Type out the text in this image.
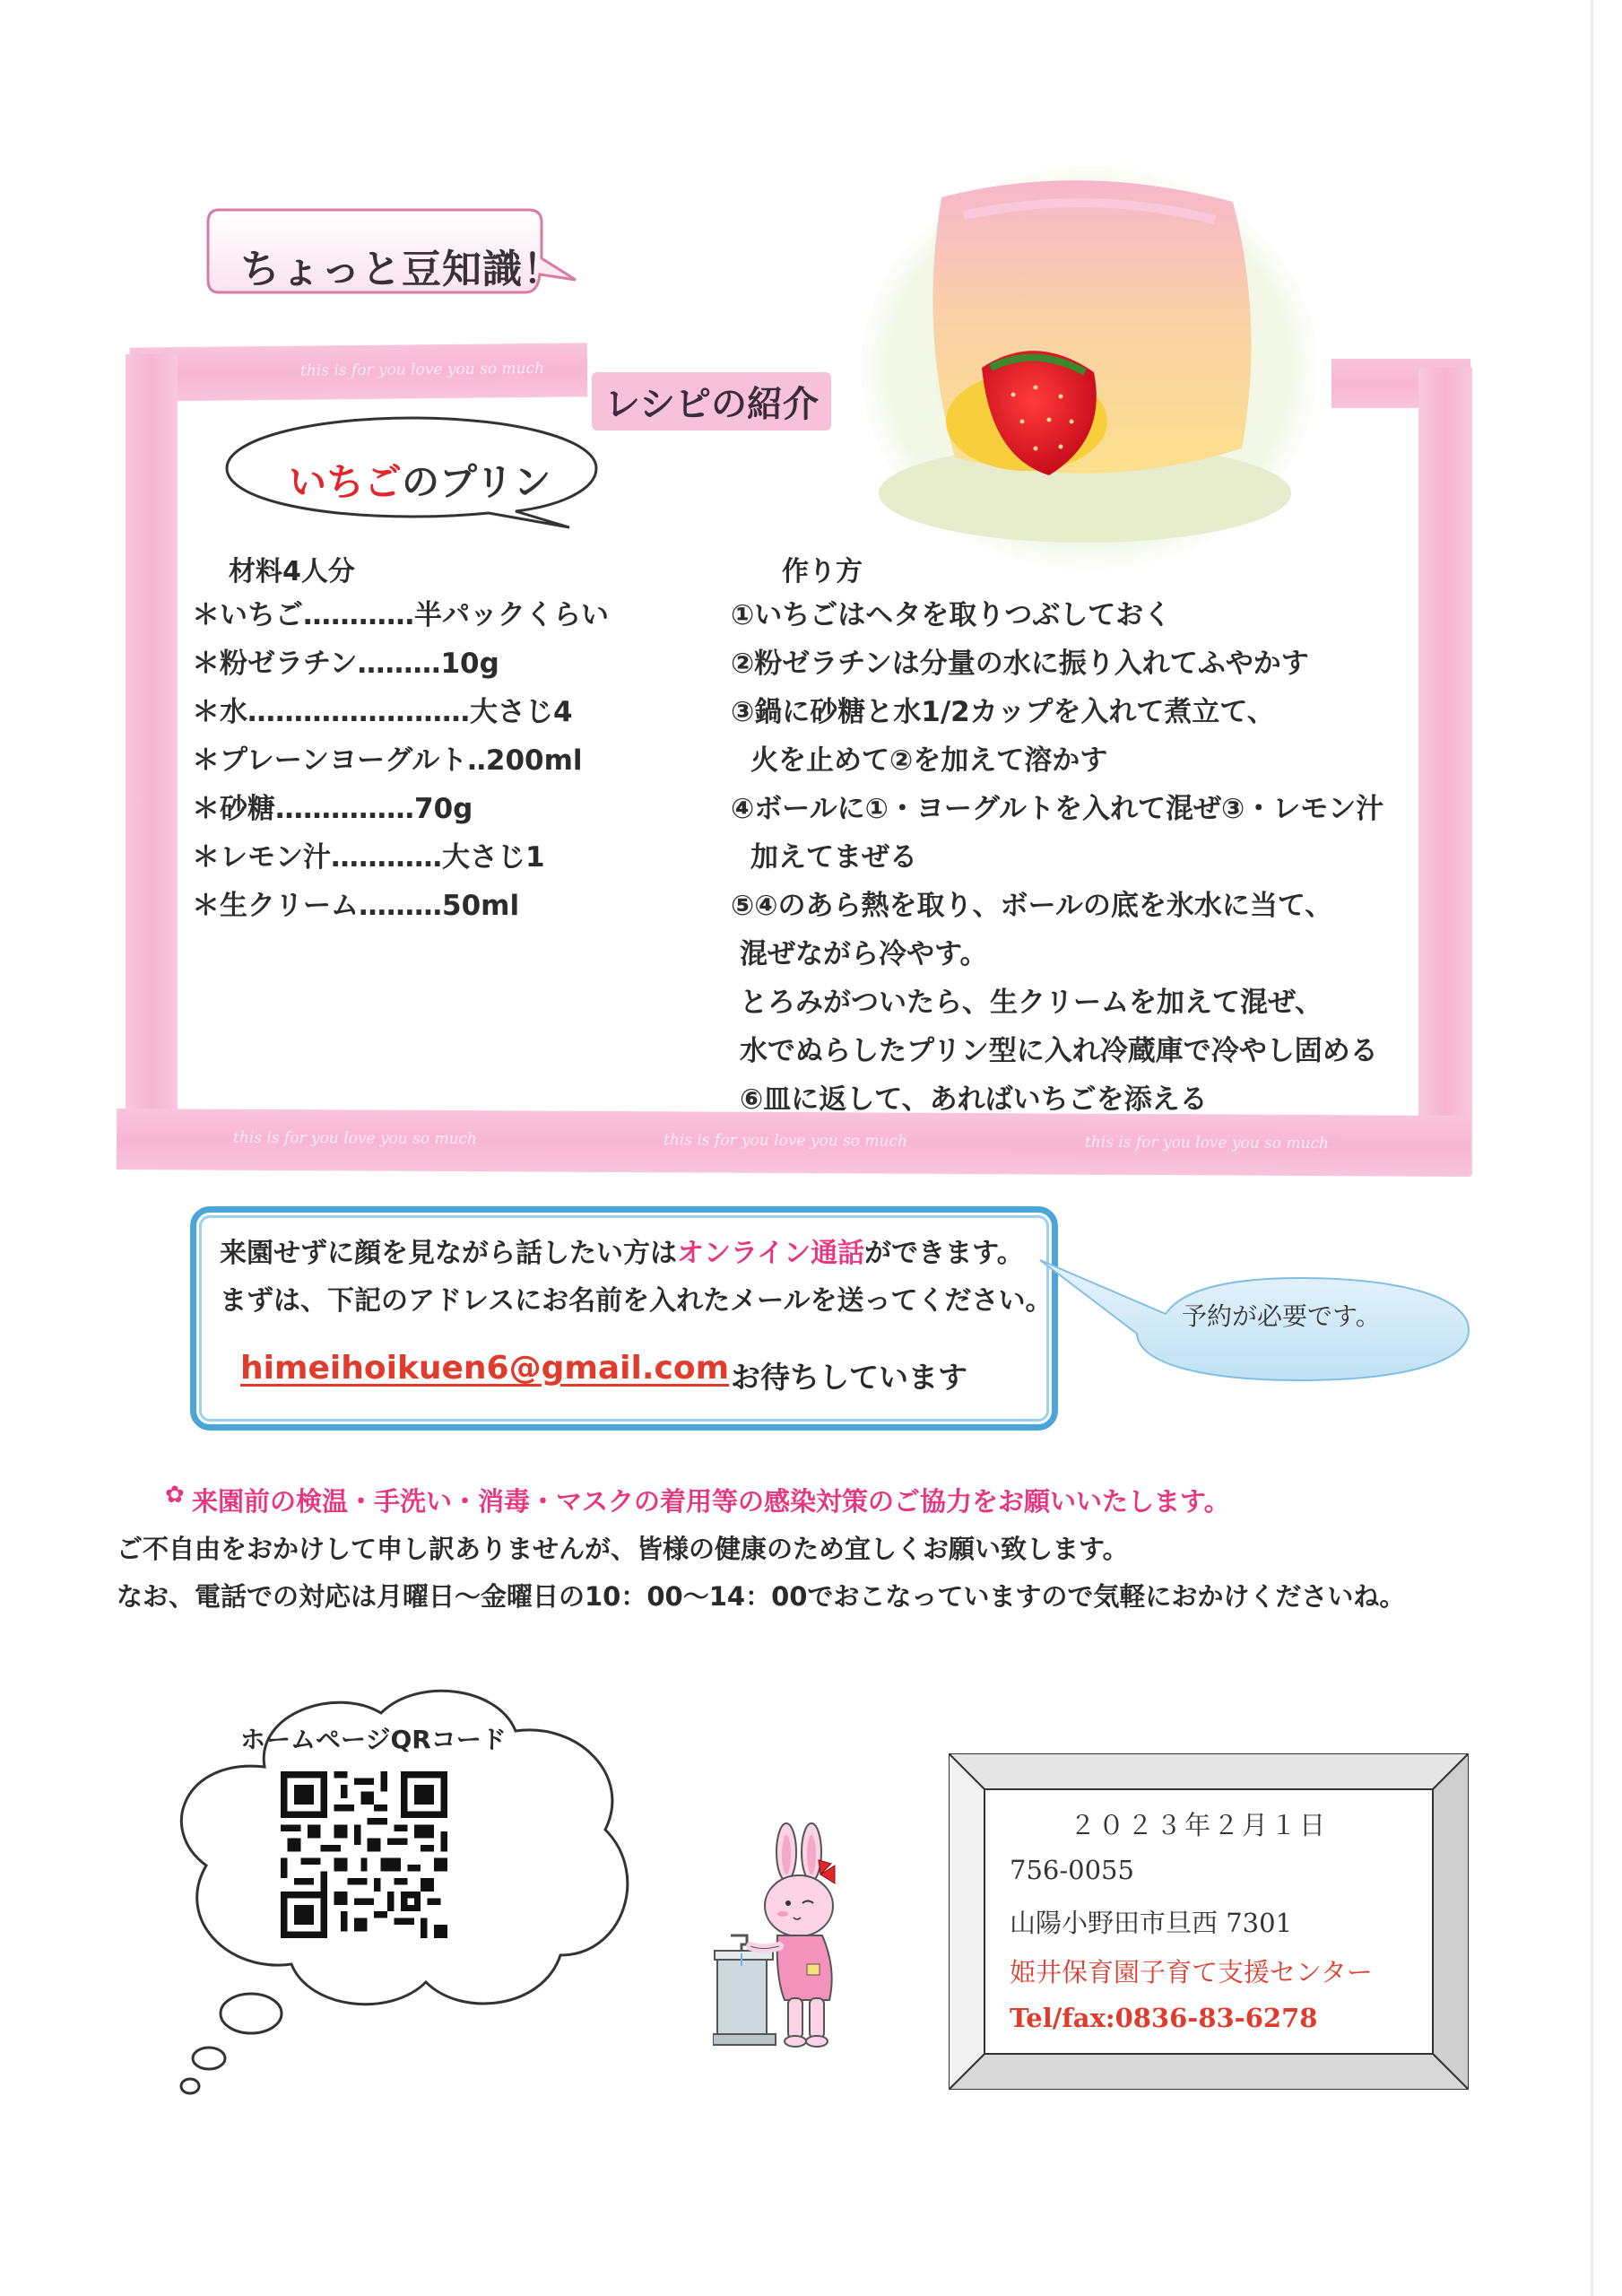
ちょっと豆知識！
this is for you love you so much
this is for you love you so much	this is for you love you so much	this is for you love you so much
レシピの紹介
いちごのプリン
材料4人分
＊いちご…………半パックくらい
＊粉ゼラチン………10g
＊水……………………大さじ4
＊プレーンヨーグルト‥200ml
＊砂糖……………70g
＊レモン汁…………大さじ1
＊生クリーム………50ml
作り方
①いちごはヘタを取りつぶしておく
②粉ゼラチンは分量の水に振り入れてふやかす
③鍋に砂糖と水1/2カップを入れて煮立て、
火を止めて②を加えて溶かす
④ボールに①・ヨーグルトを入れて混ぜ③・レモン汁
加えてまぜる
⑤④のあら熱を取り、ボールの底を氷水に当て、
混ぜながら冷やす。
とろみがついたら、生クリームを加えて混ぜ、
水でぬらしたプリン型に入れ冷蔵庫で冷やし固める
⑥皿に返して、あればいちごを添える
来園せずに顔を見ながら話したい方はオンライン通話ができます。
まずは、下記のアドレスにお名前を入れたメールを送ってください。
himeihoikuen6@gmail.com お待ちしています
予約が必要です。
✿ 来園前の検温・手洗い・消毒・マスクの着用等の感染対策のご協力をお願いいたします。
ご不自由をおかけして申し訳ありませんが、皆様の健康のため宜しくお願い致します。
なお、電話での対応は月曜日～金曜日の10：00～14：00でおこなっていますので気軽におかけくださいね。
ホームページQRコード
２０２３年２月１日
756-0055
山陽小野田市旦西 7301
姫井保育園子育て支援センター
Tel/fax:0836-83-6278
